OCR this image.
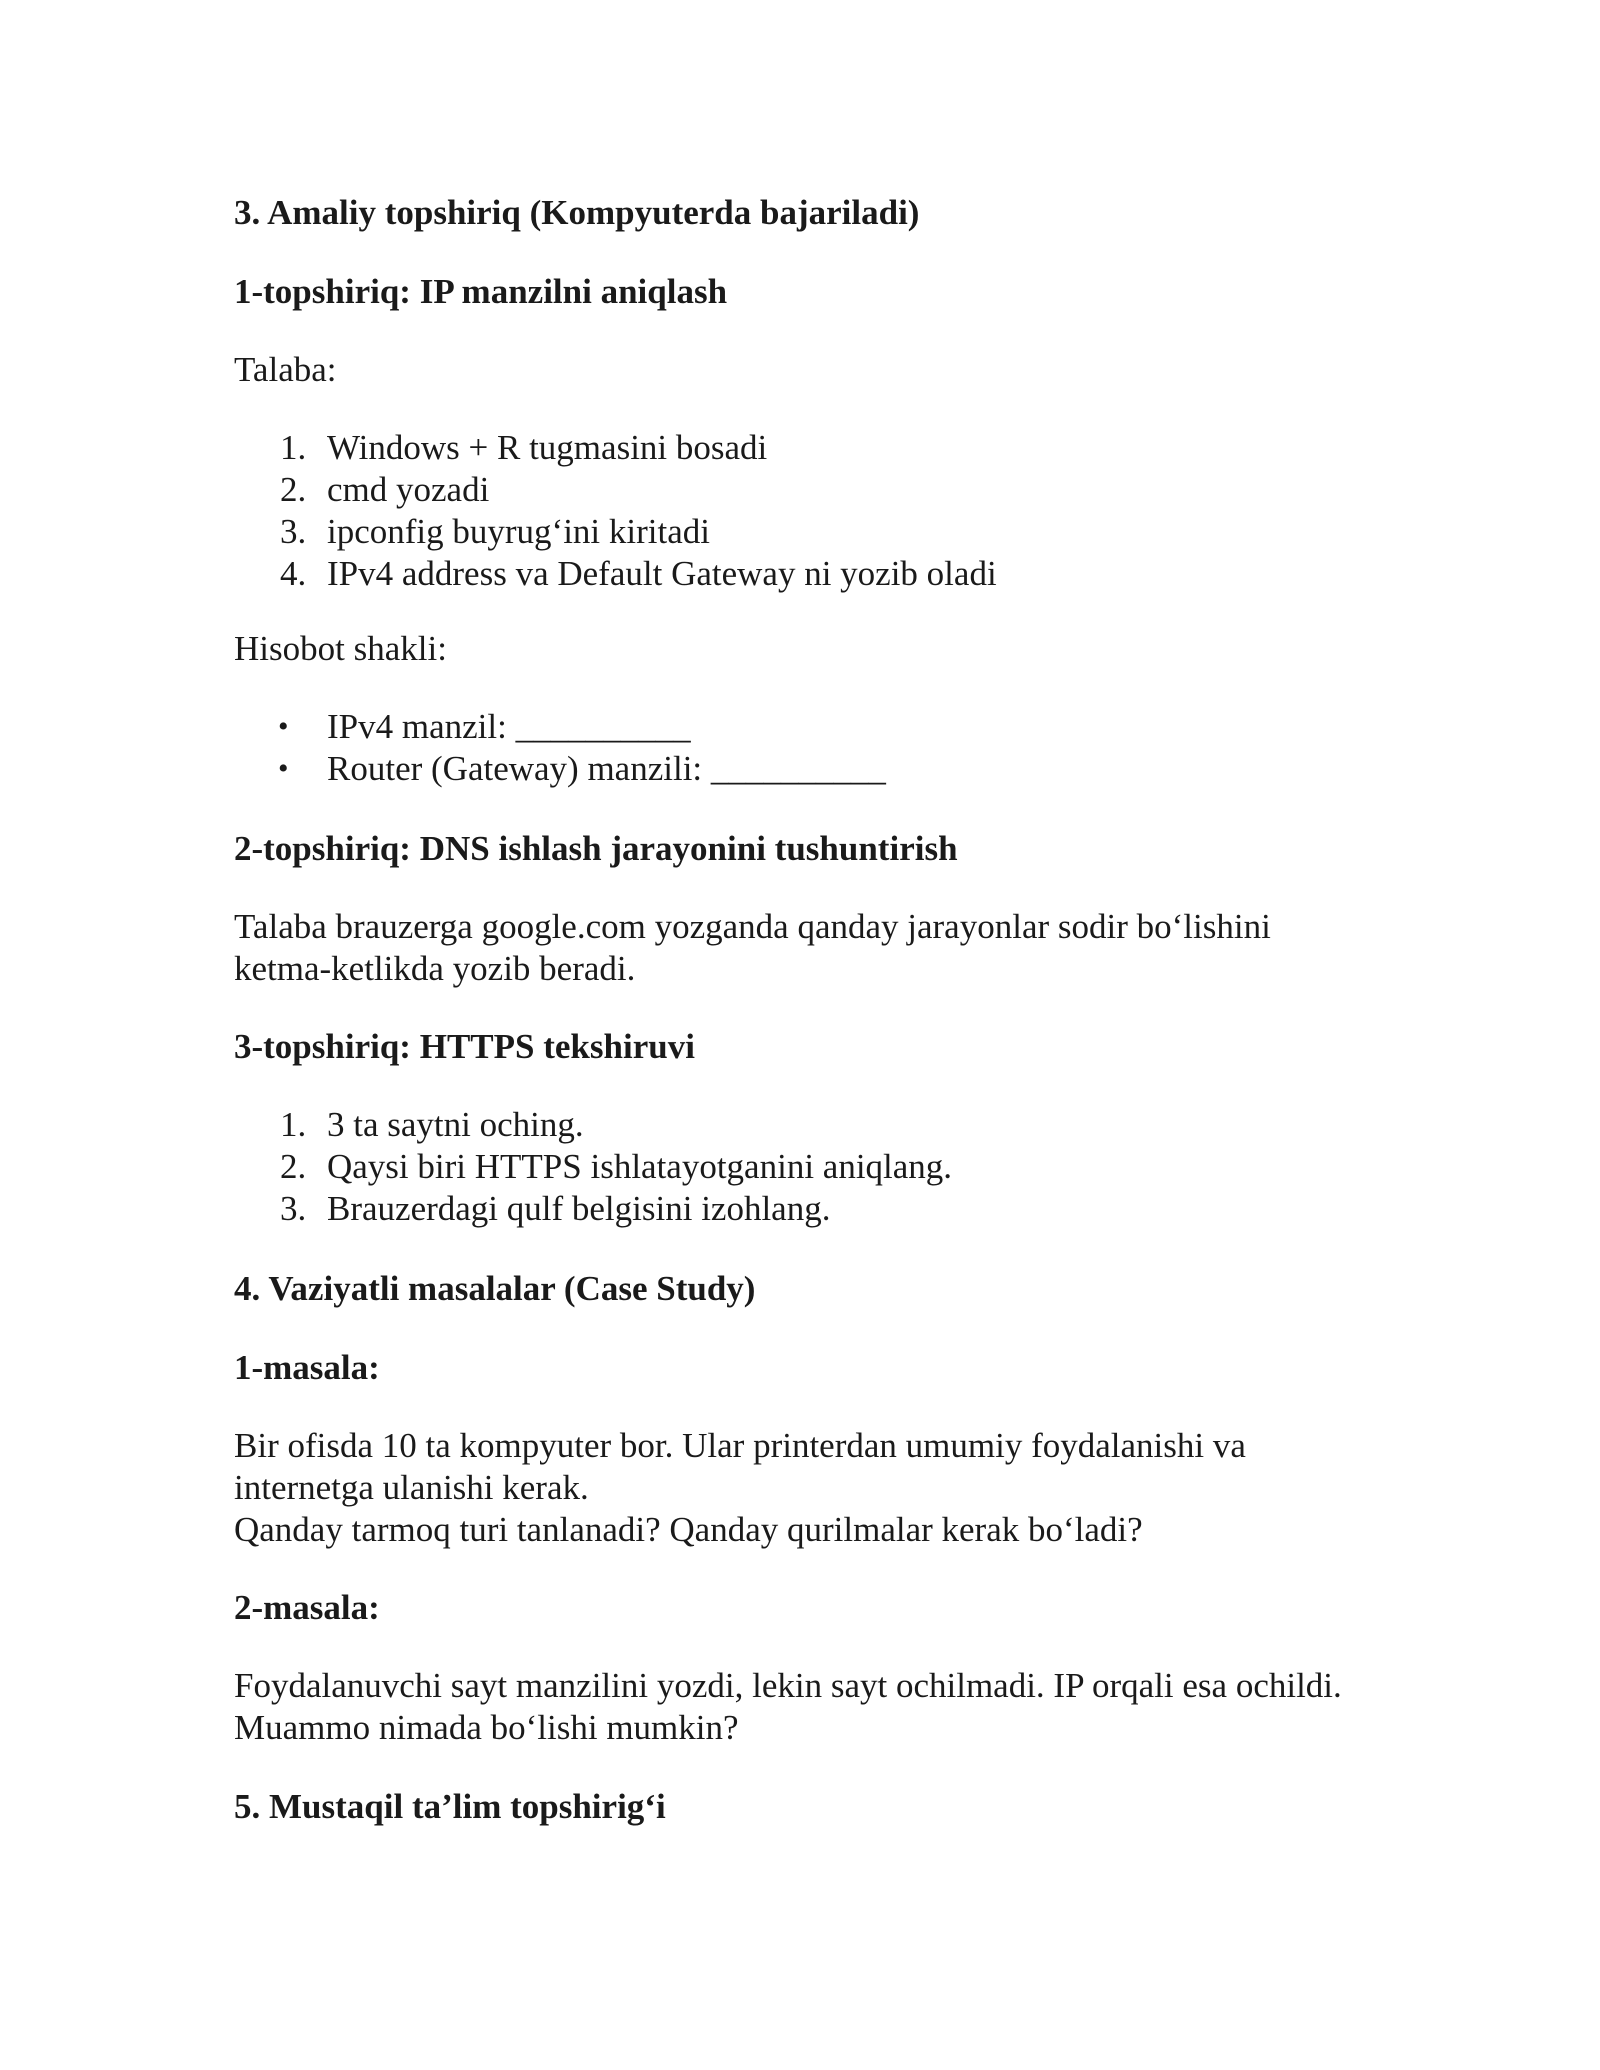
3. Amaliy topshiriq (Kompyuterda bajariladi)
1-topshiriq: IP manzilni aniqlash

Talaba:

1. Windows + R tugmasini bosadi
2. cmd yozadi
3. ipconfig buyrug‘ini kiritadi
4. IPv4 address va Default Gateway ni yozib oladi

Hisobot shakli:

• IPv4 manzil: __________
• Router (Gateway) manzili: __________
2-topshiriq: DNS ishlash jarayonini tushuntirish

Talaba brauzerga google.com yozganda qanday jarayonlar sodir bo‘lishini

ketma-ketlikda yozib beradi.

3-topshiriq: HTTPS tekshiruvi
1. 3 ta saytni oching.
2. Qaysi biri HTTPS ishlatayotganini aniqlang.
3. Brauzerdagi qulf belgisini izohlang.
4. Vaziyatli masalalar (Case Study)
1-masala:

Bir ofisda 10 ta kompyuter bor. Ular printerdan umumiy foydalanishi va

internetga ulanishi kerak.

Qanday tarmoq turi tanlanadi? Qanday qurilmalar kerak bo‘ladi?

2-masala:

Foydalanuvchi sayt manzilini yozdi, lekin sayt ochilmadi. IP orqali esa ochildi.

Muammo nimada bo‘lishi mumkin?

5. Mustaqil ta’lim topshirig‘i
